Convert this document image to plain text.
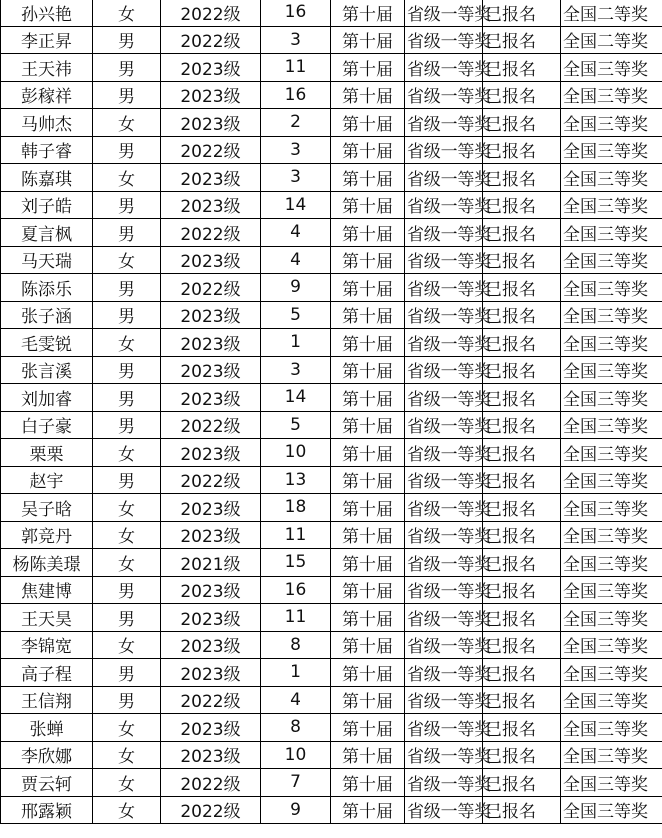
孙兴艳	女	2022级	16	第十届	省级一等奖	已报名	全国二等奖
李正昇	男	2022级	3	第十届	省级一等奖	已报名	全国二等奖
王天祎	男	2023级	11	第十届	省级一等奖	已报名	全国三等奖
彭稼祥	男	2023级	16	第十届	省级一等奖	已报名	全国三等奖
马帅杰	女	2023级	2	第十届	省级一等奖	已报名	全国三等奖
韩子睿	男	2022级	3	第十届	省级一等奖	已报名	全国三等奖
陈嘉琪	女	2023级	3	第十届	省级一等奖	已报名	全国三等奖
刘子皓	男	2023级	14	第十届	省级一等奖	已报名	全国三等奖
夏言枫	男	2022级	4	第十届	省级一等奖	已报名	全国三等奖
马天瑞	女	2023级	4	第十届	省级一等奖	已报名	全国三等奖
陈添乐	男	2022级	9	第十届	省级一等奖	已报名	全国三等奖
张子涵	男	2023级	5	第十届	省级一等奖	已报名	全国三等奖
毛雯锐	女	2023级	1	第十届	省级一等奖	已报名	全国三等奖
张言溪	男	2023级	3	第十届	省级一等奖	已报名	全国三等奖
刘加睿	男	2023级	14	第十届	省级一等奖	已报名	全国三等奖
白子豪	男	2022级	5	第十届	省级一等奖	已报名	全国三等奖
栗栗	女	2023级	10	第十届	省级一等奖	已报名	全国三等奖
赵宇	男	2022级	13	第十届	省级一等奖	已报名	全国三等奖
吴子晗	女	2023级	18	第十届	省级一等奖	已报名	全国三等奖
郭竞丹	女	2023级	11	第十届	省级一等奖	已报名	全国三等奖
杨陈美璟	女	2021级	15	第十届	省级一等奖	已报名	全国三等奖
焦建博	男	2023级	16	第十届	省级一等奖	已报名	全国三等奖
王天昊	男	2023级	11	第十届	省级一等奖	已报名	全国三等奖
李锦宽	女	2023级	8	第十届	省级一等奖	已报名	全国三等奖
高子程	男	2023级	1	第十届	省级一等奖	已报名	全国三等奖
王信翔	男	2022级	4	第十届	省级一等奖	已报名	全国三等奖
张蝉	女	2023级	8	第十届	省级一等奖	已报名	全国三等奖
李欣娜	女	2023级	10	第十届	省级一等奖	已报名	全国三等奖
贾云轲	女	2022级	7	第十届	省级一等奖	已报名	全国三等奖
邢露颖	女	2022级	9	第十届	省级一等奖	已报名	全国三等奖
